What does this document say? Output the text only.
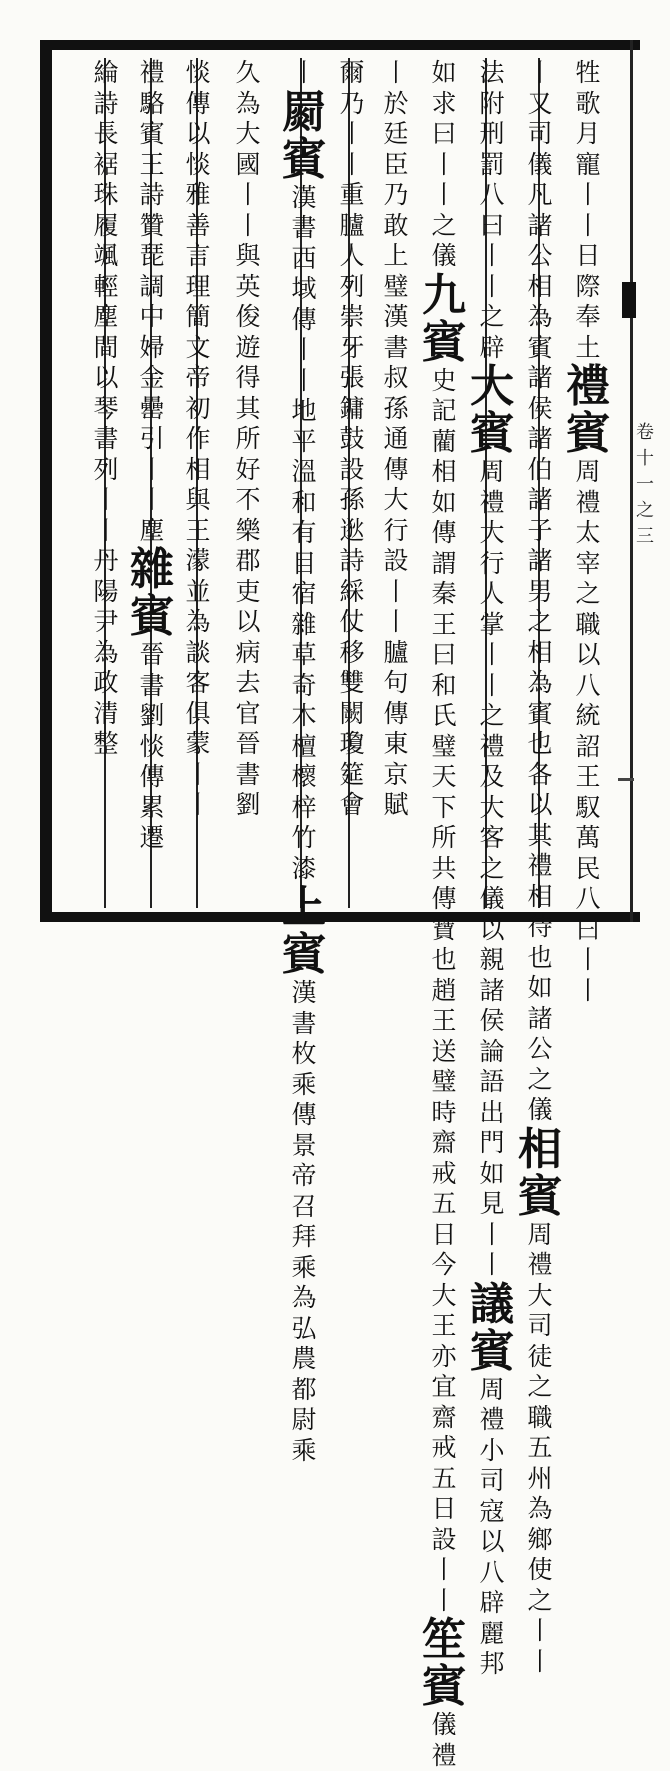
卷
十
一
之
三
牲
歌
月
寵
丨
丨
日
際
奉
土
禮
賓
周
禮
太
宰
之
職
以
八
統
詔
王
馭
萬
民
八
曰
丨
丨
丨
又
司
儀
凡
諸
公
相
為
賓
諸
侯
諸
伯
諸
子
諸
男
之
相
為
賓
也
各
以
其
禮
相
待
也
如
諸
公
之
儀
相
賓
周
禮
大
司
徒
之
職
五
州
為
鄉
使
之
丨
丨
法
附
刑
罰
八
曰
丨
丨
之
辟
大
賓
周
禮
大
行
人
掌
丨
丨
之
禮
及
大
客
之
儀
以
親
諸
侯
論
語
出
門
如
見
丨
丨
議
賓
周
禮
小
司
寇
以
八
辟
麗
邦
如
求
曰
丨
丨
之
儀
九
賓
史
記
藺
相
如
傳
謂
秦
王
曰
和
氏
璧
天
下
所
共
傳
寶
也
趙
王
送
璧
時
齋
戒
五
日
今
大
王
亦
宜
齋
戒
五
日
設
丨
丨
笙
賓
儀
禮
丨
於
廷
臣
乃
敢
上
璧
漢
書
叔
孫
通
傳
大
行
設
丨
丨
臚
句
傳
東
京
賦
爾
乃
丨
丨
重
臚
人
列
崇
牙
張
鏞
鼓
設
孫
逖
詩
綵
仗
移
雙
闕
瓊
筵
會
丨
罽
賓
漢
書
西
域
傳
丨
丨
地
平
溫
和
有
目
宿
雜
草
奇
木
檀
櫰
梓
竹
漆
上
賓
漢
書
枚
乘
傳
景
帝
召
拜
乘
為
弘
農
都
尉
乘
久
為
大
國
丨
丨
與
英
俊
遊
得
其
所
好
不
樂
郡
吏
以
病
去
官
晉
書
劉
惔
傳
以
惔
雅
善
言
理
簡
文
帝
初
作
相
與
王
濛
並
為
談
客
俱
蒙
丨
丨
禮
駱
賓
王
詩
贊
琵
調
中
婦
金
罍
引
丨
丨
塵
雜
賓
晉
書
劉
惔
傳
累
遷
綸
詩
長
裾
珠
履
颯
輕
塵
間
以
琴
書
列
丨
丨
丹
陽
尹
為
政
清
整
